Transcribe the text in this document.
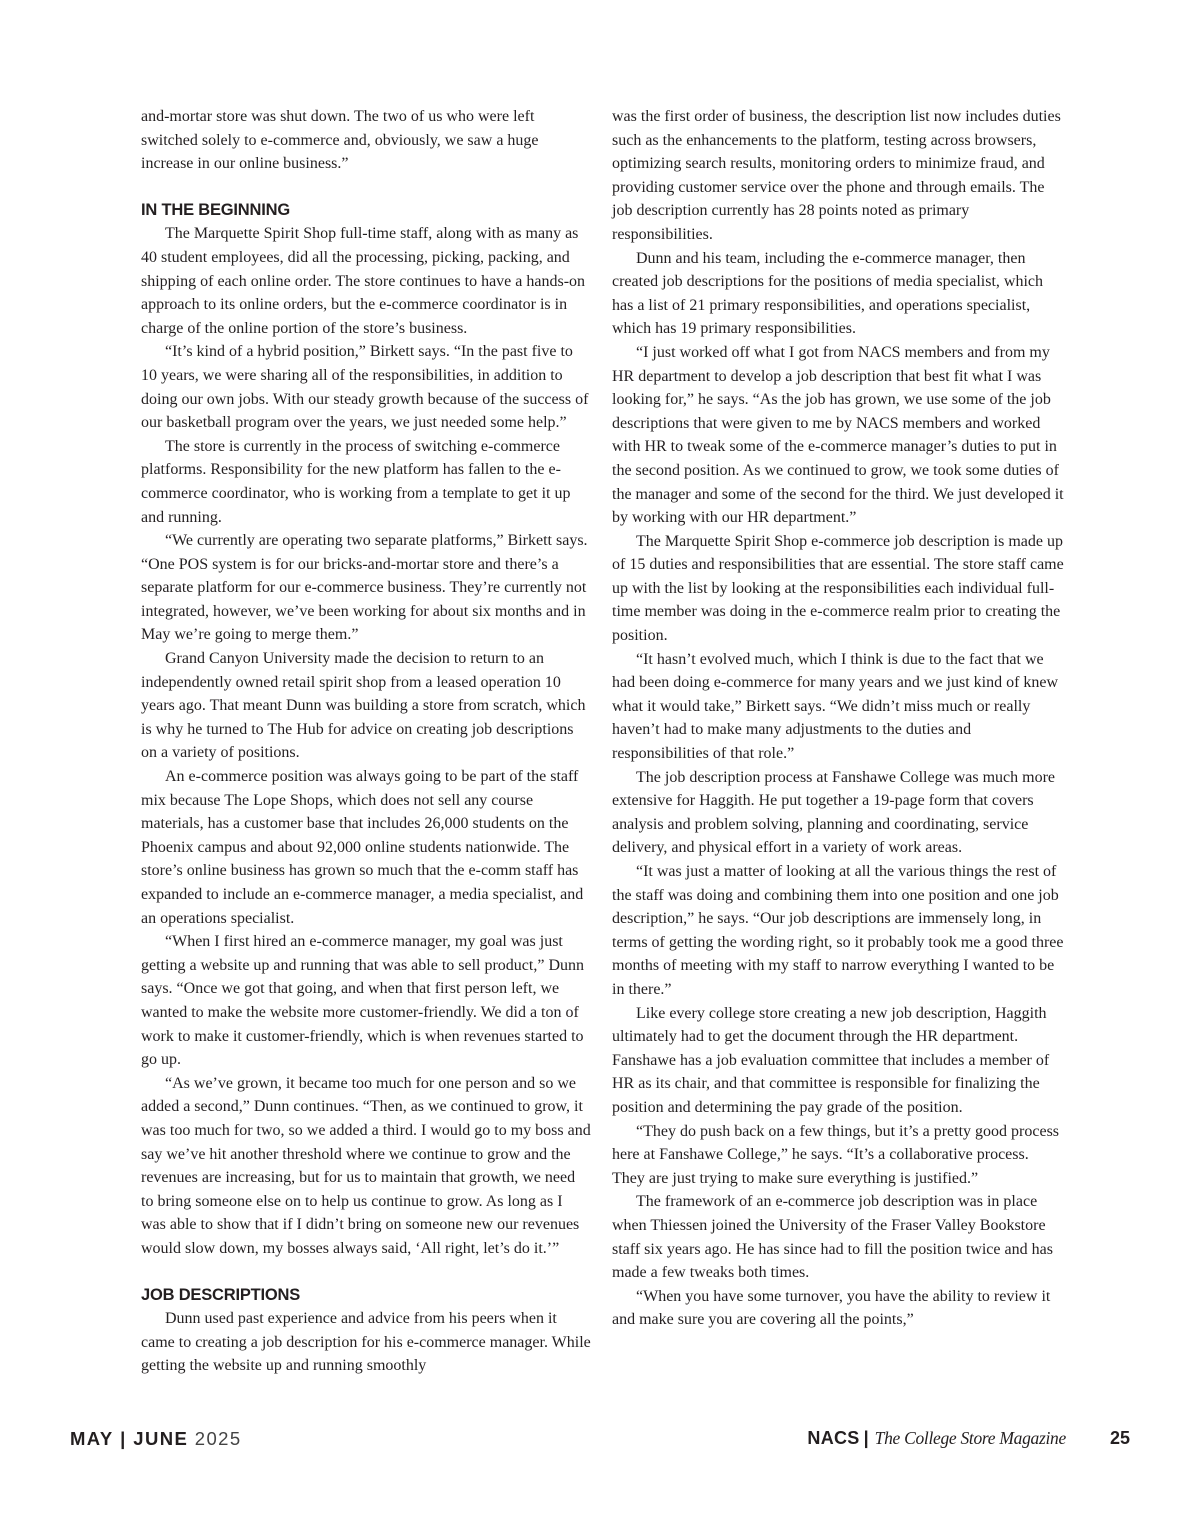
and-mortar store was shut down. The two of us who were left switched solely to e-commerce and, obviously, we saw a huge increase in our online business.”

IN THE BEGINNING

The Marquette Spirit Shop full-time staff, along with as many as 40 student employees, did all the processing, picking, packing, and shipping of each online order. The store continues to have a hands-on approach to its online orders, but the e-commerce coordinator is in charge of the online portion of the store’s business.

“It’s kind of a hybrid position,” Birkett says. “In the past five to 10 years, we were sharing all of the responsibilities, in addition to doing our own jobs. With our steady growth because of the success of our basketball program over the years, we just needed some help.”

The store is currently in the process of switching e-commerce platforms. Responsibility for the new platform has fallen to the e-commerce coordinator, who is working from a template to get it up and running.

“We currently are operating two separate platforms,” Birkett says. “One POS system is for our bricks-and-mortar store and there’s a separate platform for our e-commerce business. They’re currently not integrated, however, we’ve been working for about six months and in May we’re going to merge them.”

Grand Canyon University made the decision to return to an independently owned retail spirit shop from a leased operation 10 years ago. That meant Dunn was building a store from scratch, which is why he turned to The Hub for advice on creating job descriptions on a variety of positions.

An e-commerce position was always going to be part of the staff mix because The Lope Shops, which does not sell any course materials, has a customer base that includes 26,000 students on the Phoenix campus and about 92,000 online students nationwide. The store’s online business has grown so much that the e-comm staff has expanded to include an e-commerce manager, a media specialist, and an operations specialist.

“When I first hired an e-commerce manager, my goal was just getting a website up and running that was able to sell product,” Dunn says. “Once we got that going, and when that first person left, we wanted to make the website more customer-friendly. We did a ton of work to make it customer-friendly, which is when revenues started to go up.

“As we’ve grown, it became too much for one person and so we added a second,” Dunn continues. “Then, as we continued to grow, it was too much for two, so we added a third. I would go to my boss and say we’ve hit another threshold where we continue to grow and the revenues are increasing, but for us to maintain that growth, we need to bring someone else on to help us continue to grow. As long as I was able to show that if I didn’t bring on someone new our revenues would slow down, my bosses always said, ‘All right, let’s do it.’”

JOB DESCRIPTIONS

Dunn used past experience and advice from his peers when it came to creating a job description for his e-commerce manager. While getting the website up and running smoothly

was the first order of business, the description list now includes duties such as the enhancements to the platform, testing across browsers, optimizing search results, monitoring orders to minimize fraud, and providing customer service over the phone and through emails. The job description currently has 28 points noted as primary responsibilities.

Dunn and his team, including the e-commerce manager, then created job descriptions for the positions of media specialist, which has a list of 21 primary responsibilities, and operations specialist, which has 19 primary responsibilities.

“I just worked off what I got from NACS members and from my HR department to develop a job description that best fit what I was looking for,” he says. “As the job has grown, we use some of the job descriptions that were given to me by NACS members and worked with HR to tweak some of the e-commerce manager’s duties to put in the second position. As we continued to grow, we took some duties of the manager and some of the second for the third. We just developed it by working with our HR department.”

The Marquette Spirit Shop e-commerce job description is made up of 15 duties and responsibilities that are essential. The store staff came up with the list by looking at the responsibilities each individual full-time member was doing in the e-commerce realm prior to creating the position.

“It hasn’t evolved much, which I think is due to the fact that we had been doing e-commerce for many years and we just kind of knew what it would take,” Birkett says. “We didn’t miss much or really haven’t had to make many adjustments to the duties and responsibilities of that role.”

The job description process at Fanshawe College was much more extensive for Haggith. He put together a 19-page form that covers analysis and problem solving, planning and coordinating, service delivery, and physical effort in a variety of work areas.

“It was just a matter of looking at all the various things the rest of the staff was doing and combining them into one position and one job description,” he says. “Our job descriptions are immensely long, in terms of getting the wording right, so it probably took me a good three months of meeting with my staff to narrow everything I wanted to be in there.”

Like every college store creating a new job description, Haggith ultimately had to get the document through the HR department. Fanshawe has a job evaluation committee that includes a member of HR as its chair, and that committee is responsible for finalizing the position and determining the pay grade of the position.

“They do push back on a few things, but it’s a pretty good process here at Fanshawe College,” he says. “It’s a collaborative process. They are just trying to make sure everything is justified.”

The framework of an e-commerce job description was in place when Thiessen joined the University of the Fraser Valley Bookstore staff six years ago. He has since had to fill the position twice and has made a few tweaks both times.

“When you have some turnover, you have the ability to review it and make sure you are covering all the points,”

MAY | JUNE 2025	NACS | The College Store Magazine 25
